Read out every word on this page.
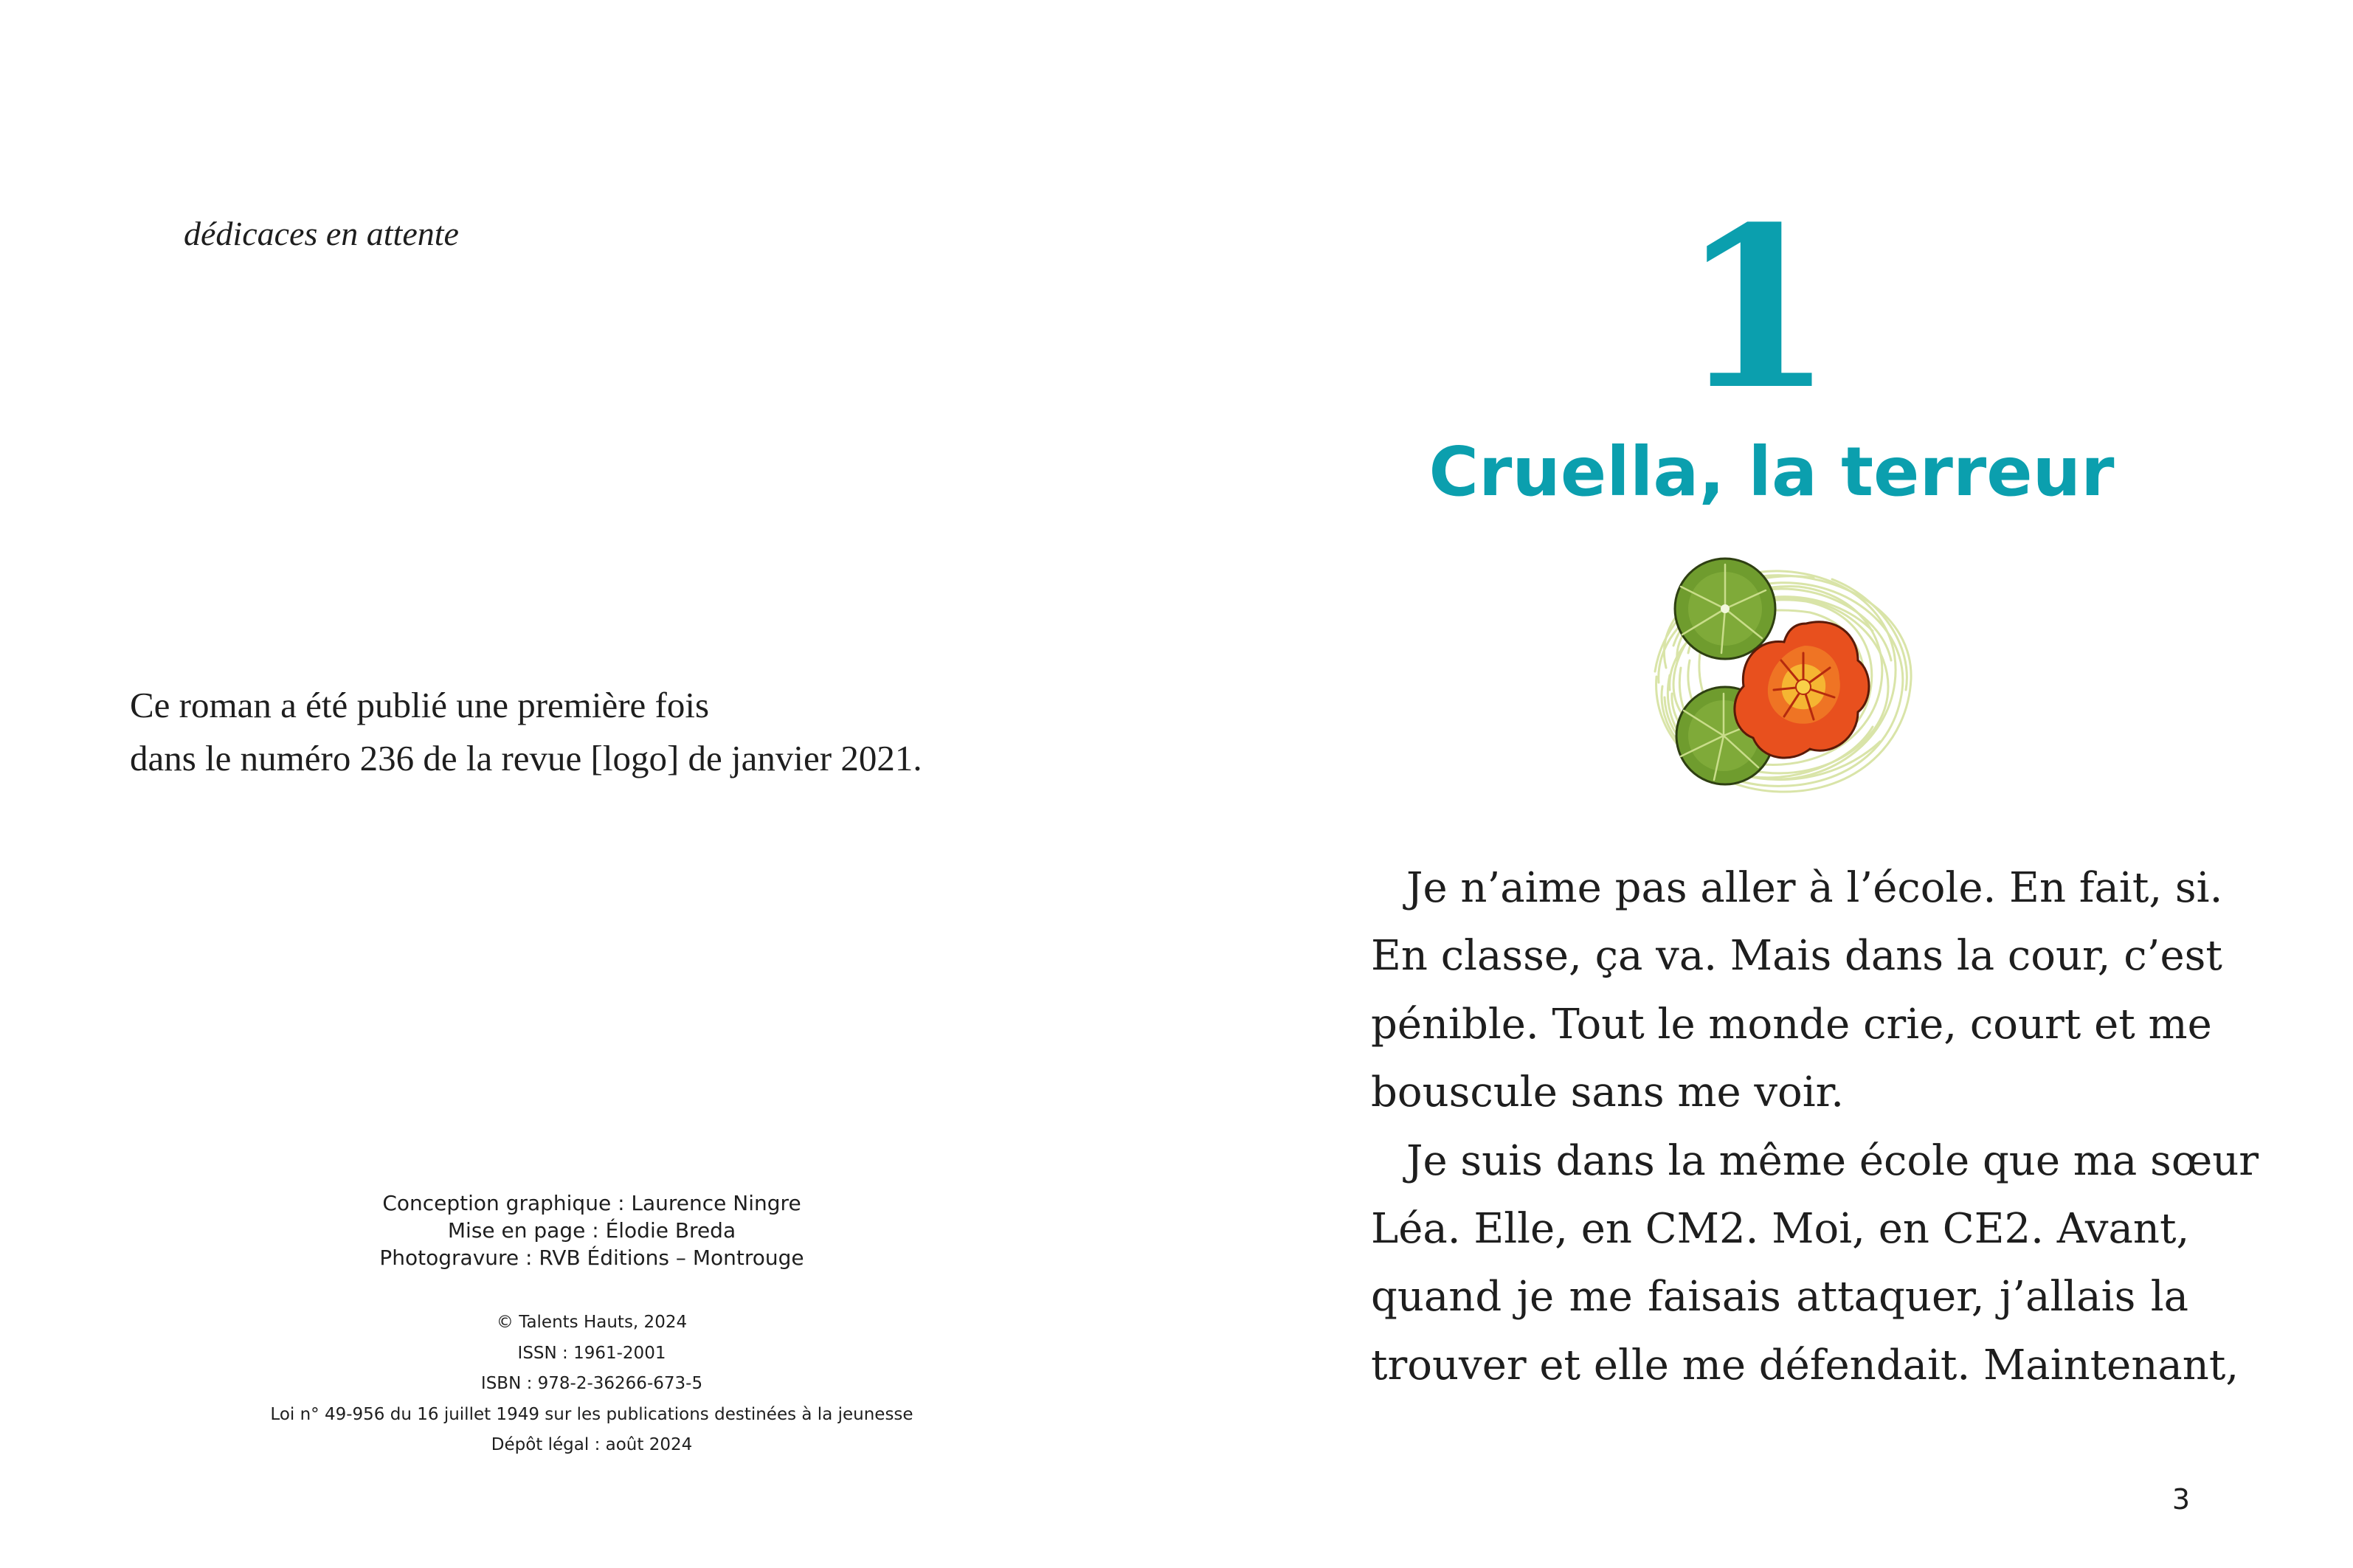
dédicaces en attente
Ce roman a été publié une première fois
dans le numéro 236 de la revue [logo] de janvier 2021.
Conception graphique : Laurence Ningre
Mise en page : Élodie Breda
Photogravure : RVB Éditions – Montrouge
© Talents Hauts, 2024
ISSN : 1961-2001
ISBN : 978-2-36266-673-5
Loi n° 49-956 du 16 juillet 1949 sur les publications destinées à la jeunesse
Dépôt légal : août 2024
1
Cruella, la terreur
Je n’aime pas aller à l’école. En fait, si.
En classe, ça va. Mais dans la cour, c’est
pénible. Tout le monde crie, court et me
bouscule sans me voir.
Je suis dans la même école que ma sœur
Léa. Elle, en CM2. Moi, en CE2. Avant,
quand je me faisais attaquer, j’allais la
trouver et elle me défendait. Maintenant,
3
